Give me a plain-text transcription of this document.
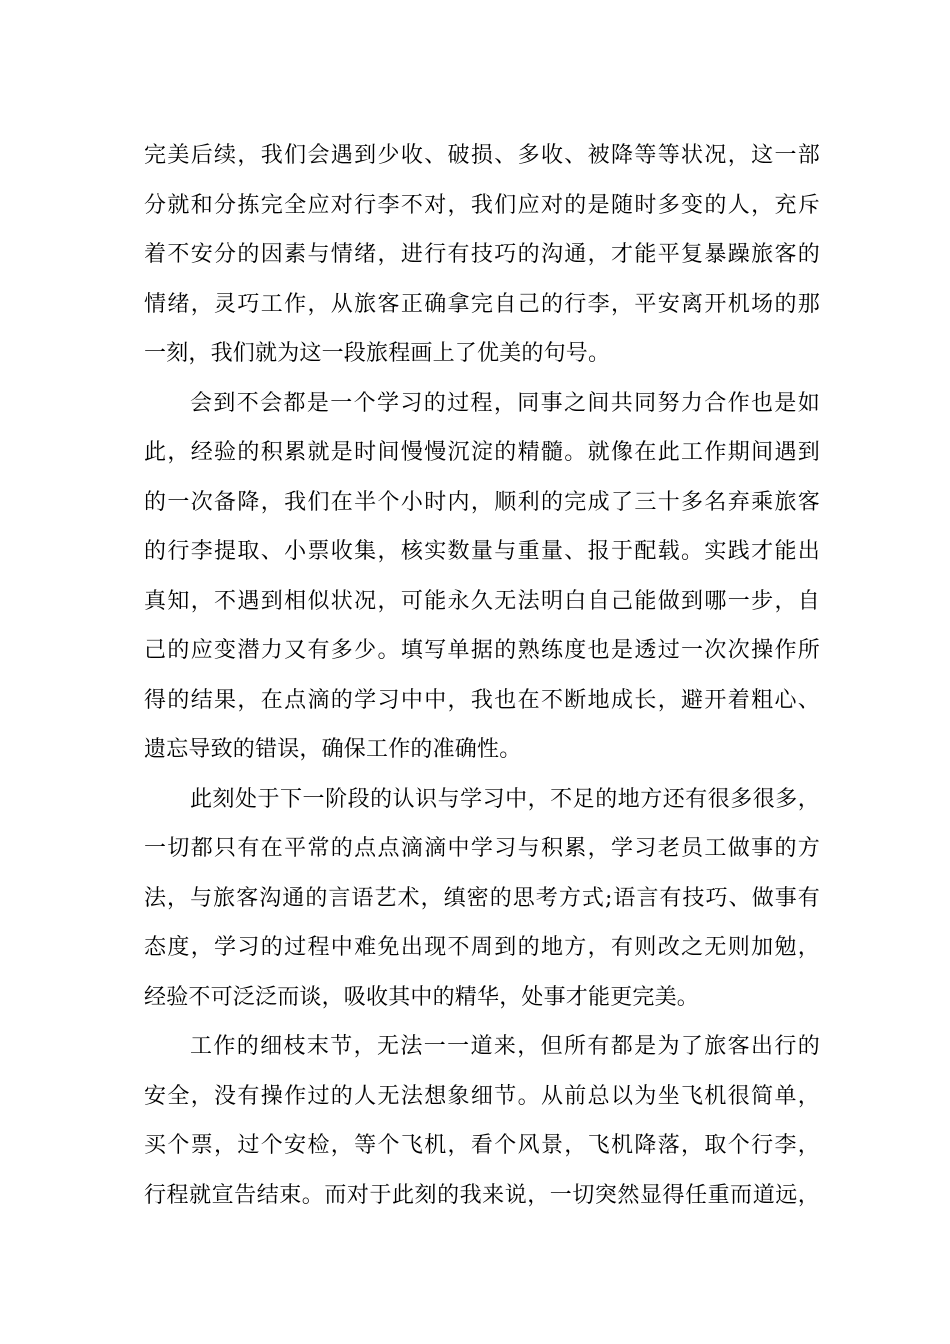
完美后续，我们会遇到少收、破损、多收、被降等等状况，这一部
分就和分拣完全应对行李不对，我们应对的是随时多变的人，充斥
着不安分的因素与情绪，进行有技巧的沟通，才能平复暴躁旅客的
情绪，灵巧工作，从旅客正确拿完自己的行李，平安离开机场的那
一刻，我们就为这一段旅程画上了优美的句号。
会到不会都是一个学习的过程，同事之间共同努力合作也是如
此，经验的积累就是时间慢慢沉淀的精髓。就像在此工作期间遇到
的一次备降，我们在半个小时内，顺利的完成了三十多名弃乘旅客
的行李提取、小票收集，核实数量与重量、报于配载。实践才能出
真知，不遇到相似状况，可能永久无法明白自己能做到哪一步，自
己的应变潜力又有多少。填写单据的熟练度也是透过一次次操作所
得的结果，在点滴的学习中中，我也在不断地成长，避开着粗心、
遗忘导致的错误，确保工作的准确性。
此刻处于下一阶段的认识与学习中，不足的地方还有很多很多，
一切都只有在平常的点点滴滴中学习与积累，学习老员工做事的方
法，与旅客沟通的言语艺术，缜密的思考方式;语言有技巧、做事有
态度，学习的过程中难免出现不周到的地方，有则改之无则加勉，
经验不可泛泛而谈，吸收其中的精华，处事才能更完美。
工作的细枝末节，无法一一道来，但所有都是为了旅客出行的
安全，没有操作过的人无法想象细节。从前总以为坐飞机很简单，
买个票，过个安检，等个飞机，看个风景，飞机降落，取个行李，
行程就宣告结束。而对于此刻的我来说，一切突然显得任重而道远，
